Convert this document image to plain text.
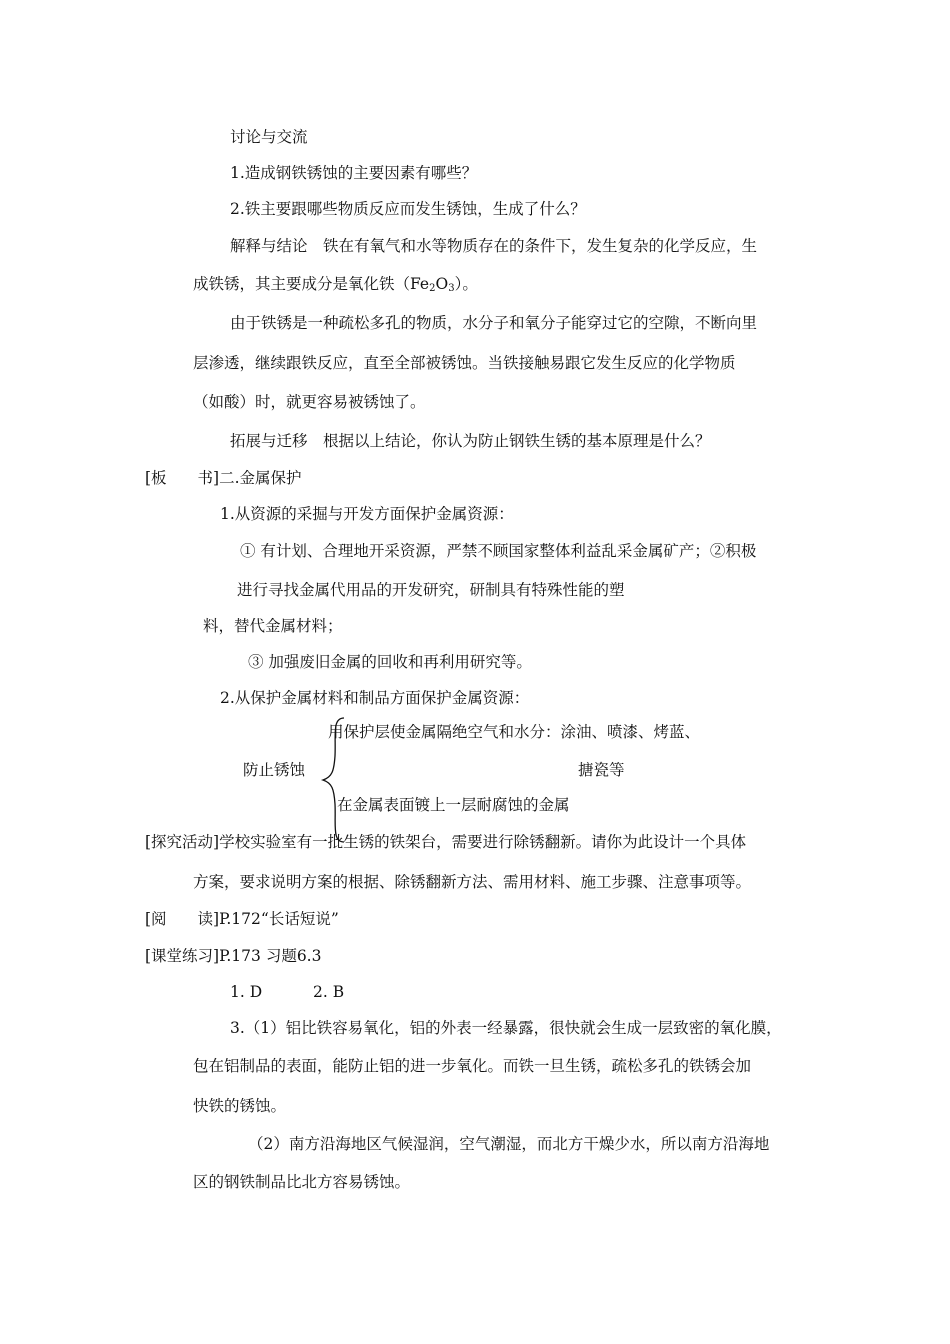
讨论与交流
1.造成钢铁锈蚀的主要因素有哪些？
2.铁主要跟哪些物质反应而发生锈蚀，生成了什么？
解释与结论　铁在有氧气和水等物质存在的条件下，发生复杂的化学反应，生
成铁锈，其主要成分是氧化铁$(Fe_2O_3)$。
由于铁锈是一种疏松多孔的物质，水分子和氧分子能穿过它的空隙，不断向里
层渗透，继续跟铁反应，直至全部被锈蚀。当铁接触易跟它发生反应的化学物质
（如酸）时，就更容易被锈蚀了。
拓展与迁移　根据以上结论，你认为防止钢铁生锈的基本原理是什么？
[板　　书]二.金属保护
1.从资源的采掘与开发方面保护金属资源：
① 有计划、合理地开采资源，严禁不顾国家整体利益乱采金属矿产；②积极
进行寻找金属代用品的开发研究，研制具有特殊性能的塑
料，替代金属材料；
③ 加强废旧金属的回收和再利用研究等。
2.从保护金属材料和制品方面保护金属资源：
防止锈蚀
用保护层使金属隔绝空气和水分：涂油、喷漆、烤蓝、
搪瓷等
在金属表面镀上一层耐腐蚀的金属
[探究活动]学校实验室有一批生锈的铁架台，需要进行除锈翻新。请你为此设计一个具体
方案，要求说明方案的根据、除锈翻新方法、需用材料、施工步骤、注意事项等。
[阅　　读]P.172“长话短说”
[课堂练习]P.173 习题6.3
1. D	2. B
3.（1）铝比铁容易氧化，铝的外表一经暴露，很快就会生成一层致密的氧化膜，
包在铝制品的表面，能防止铝的进一步氧化。而铁一旦生锈，疏松多孔的铁锈会加
快铁的锈蚀。
（2）南方沿海地区气候湿润，空气潮湿，而北方干燥少水，所以南方沿海地
区的钢铁制品比北方容易锈蚀。
